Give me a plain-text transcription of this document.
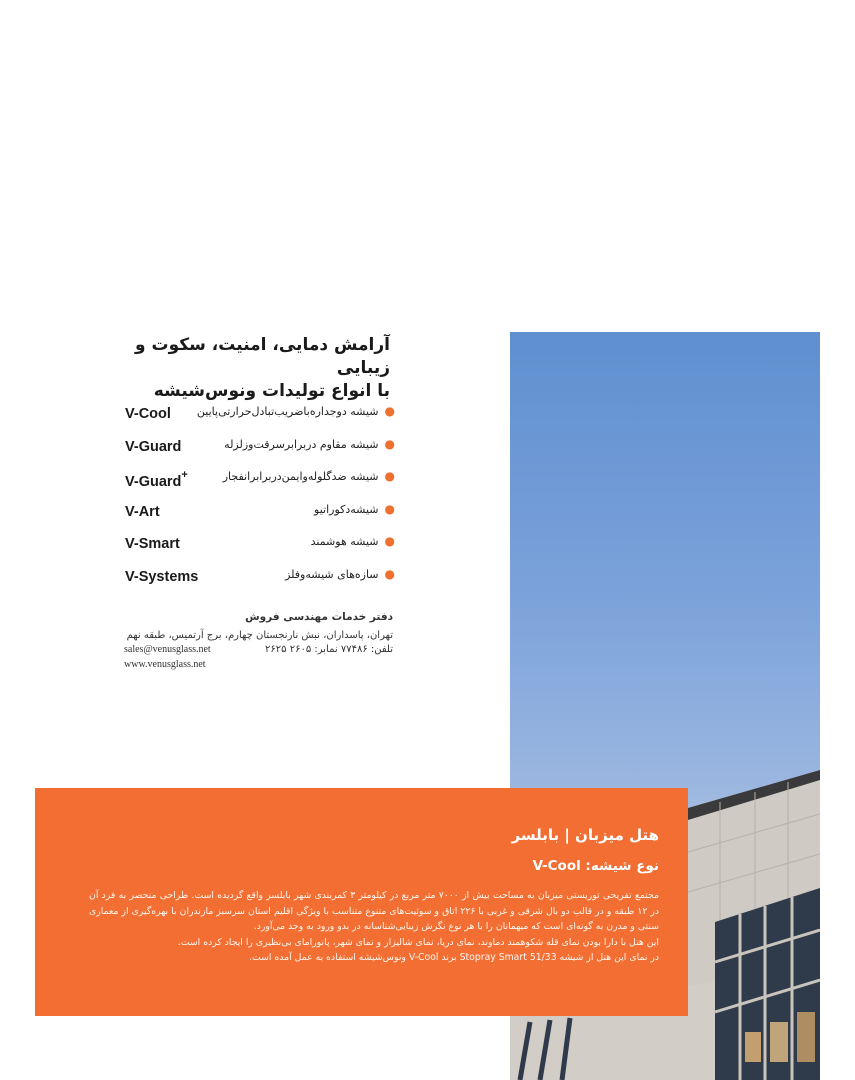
آرامش دمایی، امنیت، سکوت و زیبایی
با انواع تولیدات ونوس‌شیشه
V-Cool	●شیشه دوجداره‌با‌ضریب‌تبادل‌حرارتی‌پایین
V-Guard	●شیشه مقاوم در‌برابر‌سرقت‌و‌زلزله
V-Guard+	●شیشه ضدگلوله‌و‌ایمن‌در‌برابر‌انفجار
V-Art	●شیشه‌دکوراتیو
V-Smart	●شیشه هوشمند
V-Systems	●سازه‌های شیشه‌و‌فلز
دفتر خدمات مهندسی فروش
تهران، پاسداران، نبش نارنجستان چهارم، برج آرتمیس، طبقه نهم
تلفن: ۷۷۴۸۶ نمابر: ۲۶۰۵ ۲۶۲۵
sales@venusglass.net
www.venusglass.net
هتل میزبان | بابلسر
نوع شیشه: V-Cool

مجتمع تفریحی توریستی میزبان به مساحت بیش از ۷۰۰۰ متر مربع در کیلومتر ۳ کمربندی شهر بابلسر واقع گردیده است. طراحی منحصر به فرد آن در ۱۲ طبقه و در قالب دو بال شرقی و غربی با ۲۲۶ اتاق و سوئیت‌های متنوع متناسب با ویژگی اقلیم استان سرسبز مازندران با بهره‌گیری از معماری سنتی و مدرن به گونه‌ای است که میهمانان را با هر نوع نگرش زیبایی‌شناسانه در بدو ورود به وجد می‌آورد.

این هتل با دارا بودن نمای قله شکوهمند دماوند، نمای دریا، نمای شالیزار و نمای شهر، پانورامای بی‌نظیری را ایجاد کرده است.

در نمای این هتل از شیشه 51/33 Stopray Smart برند V-Cool ونوس‌شیشه استفاده به عمل آمده است.
